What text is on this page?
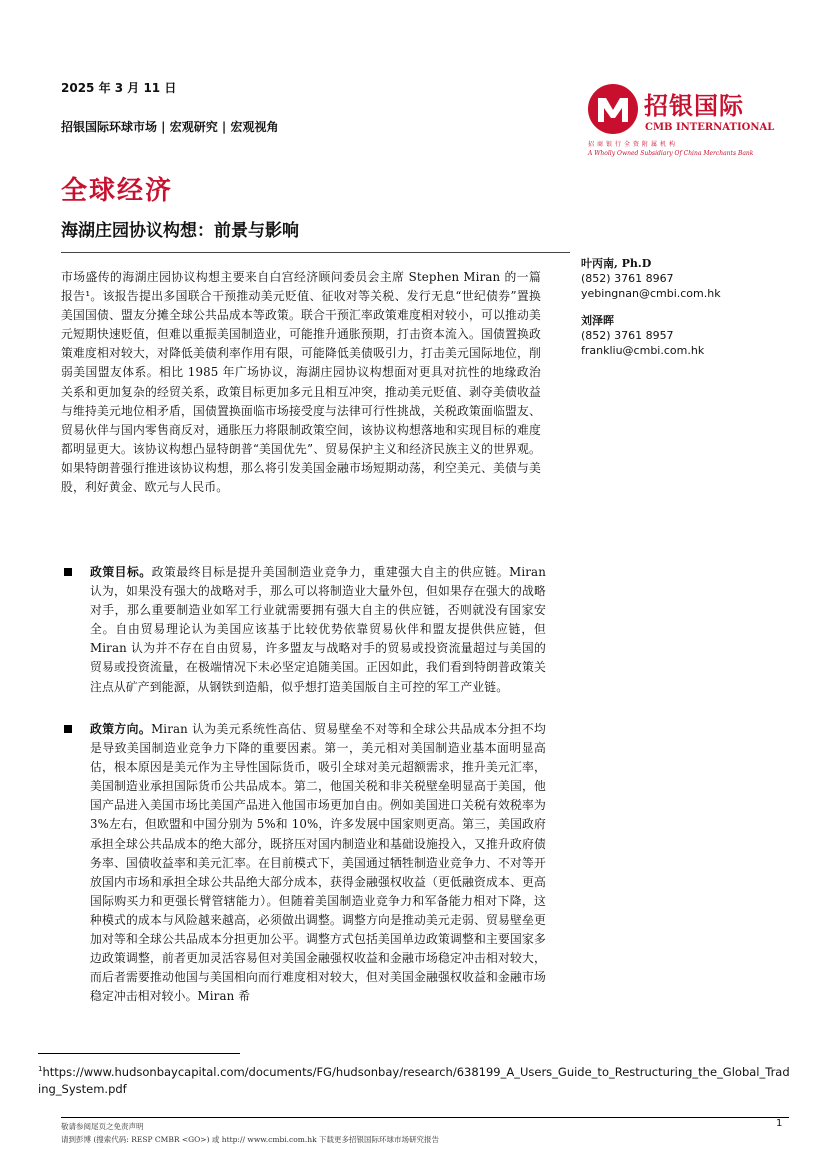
2025 年 3 月 11 日
招银国际环球市场 | 宏观研究 | 宏观视角
招银国际
CMB INTERNATIONAL
招商银行全资附属机构
A Wholly Owned Subsidiary Of China Merchants Bank
全球经济
海湖庄园协议构想：前景与影响
叶丙南, Ph.D
(852) 3761 8967
yebingnan@cmbi.com.hk
刘泽晖
(852) 3761 8957
frankliu@cmbi.com.hk

市场盛传的海湖庄园协议构想主要来自白宫经济顾问委员会主席 Stephen Miran 的一篇报告¹。该报告提出多国联合干预推动美元贬值、征收对等关税、发行无息“世纪债券”置换美国国债、盟友分摊全球公共品成本等政策。联合干预汇率政策难度相对较小，可以推动美元短期快速贬值，但难以重振美国制造业，可能推升通胀预期，打击资本流入。国债置换政策难度相对较大，对降低美债利率作用有限，可能降低美债吸引力，打击美元国际地位，削弱美国盟友体系。相比 1985 年广场协议，海湖庄园协议构想面对更具对抗性的地缘政治关系和更加复杂的经贸关系，政策目标更加多元且相互冲突，推动美元贬值、剥夺美债收益与维持美元地位相矛盾，国债置换面临市场接受度与法律可行性挑战，关税政策面临盟友、贸易伙伴与国内零售商反对，通胀压力将限制政策空间，该协议构想落地和实现目标的难度都明显更大。该协议构想凸显特朗普“美国优先”、贸易保护主义和经济民族主义的世界观。如果特朗普强行推进该协议构想，那么将引发美国金融市场短期动荡，利空美元、美债与美股，利好黄金、欧元与人民币。

政策目标。政策最终目标是提升美国制造业竞争力，重建强大自主的供应链。Miran 认为，如果没有强大的战略对手，那么可以将制造业大量外包，但如果存在强大的战略对手，那么重要制造业如军工行业就需要拥有强大自主的供应链，否则就没有国家安全。自由贸易理论认为美国应该基于比较优势依靠贸易伙伴和盟友提供供应链，但 Miran 认为并不存在自由贸易，许多盟友与战略对手的贸易或投资流量超过与美国的贸易或投资流量，在极端情况下未必坚定追随美国。正因如此，我们看到特朗普政策关注点从矿产到能源，从钢铁到造船，似乎想打造美国版自主可控的军工产业链。
政策方向。Miran 认为美元系统性高估、贸易壁垒不对等和全球公共品成本分担不均是导致美国制造业竞争力下降的重要因素。第一，美元相对美国制造业基本面明显高估，根本原因是美元作为主导性国际货币，吸引全球对美元超额需求，推升美元汇率，美国制造业承担国际货币公共品成本。第二，他国关税和非关税壁垒明显高于美国，他国产品进入美国市场比美国产品进入他国市场更加自由。例如美国进口关税有效税率为 3%左右，但欧盟和中国分别为 5%和 10%，许多发展中国家则更高。第三，美国政府承担全球公共品成本的绝大部分，既挤压对国内制造业和基础设施投入，又推升政府债务率、国债收益率和美元汇率。在目前模式下，美国通过牺牲制造业竞争力、不对等开放国内市场和承担全球公共品绝大部分成本，获得金融强权收益（更低融资成本、更高国际购买力和更强长臂管辖能力）。但随着美国制造业竞争力和军备能力相对下降，这种模式的成本与风险越来越高，必须做出调整。调整方向是推动美元走弱、贸易壁垒更加对等和全球公共品成本分担更加公平。调整方式包括美国单边政策调整和主要国家多边政策调整，前者更加灵活容易但对美国金融强权收益和金融市场稳定冲击相对较大，而后者需要推动他国与美国相向而行难度相对较大，但对美国金融强权收益和金融市场稳定冲击相对较小。Miran 希
$^1$https://www.hudsonbaycapital.com/documents/FG/hudsonbay/research/638199_A_Users_Guide_to_Restructuring_the_Global_Trading_System.pdf
敬请参阅尾页之免责声明
请到彭博 (搜索代码: RESP CMBR <GO>) 或 http:// www.cmbi.com.hk 下载更多招银国际环球市场研究报告
1
